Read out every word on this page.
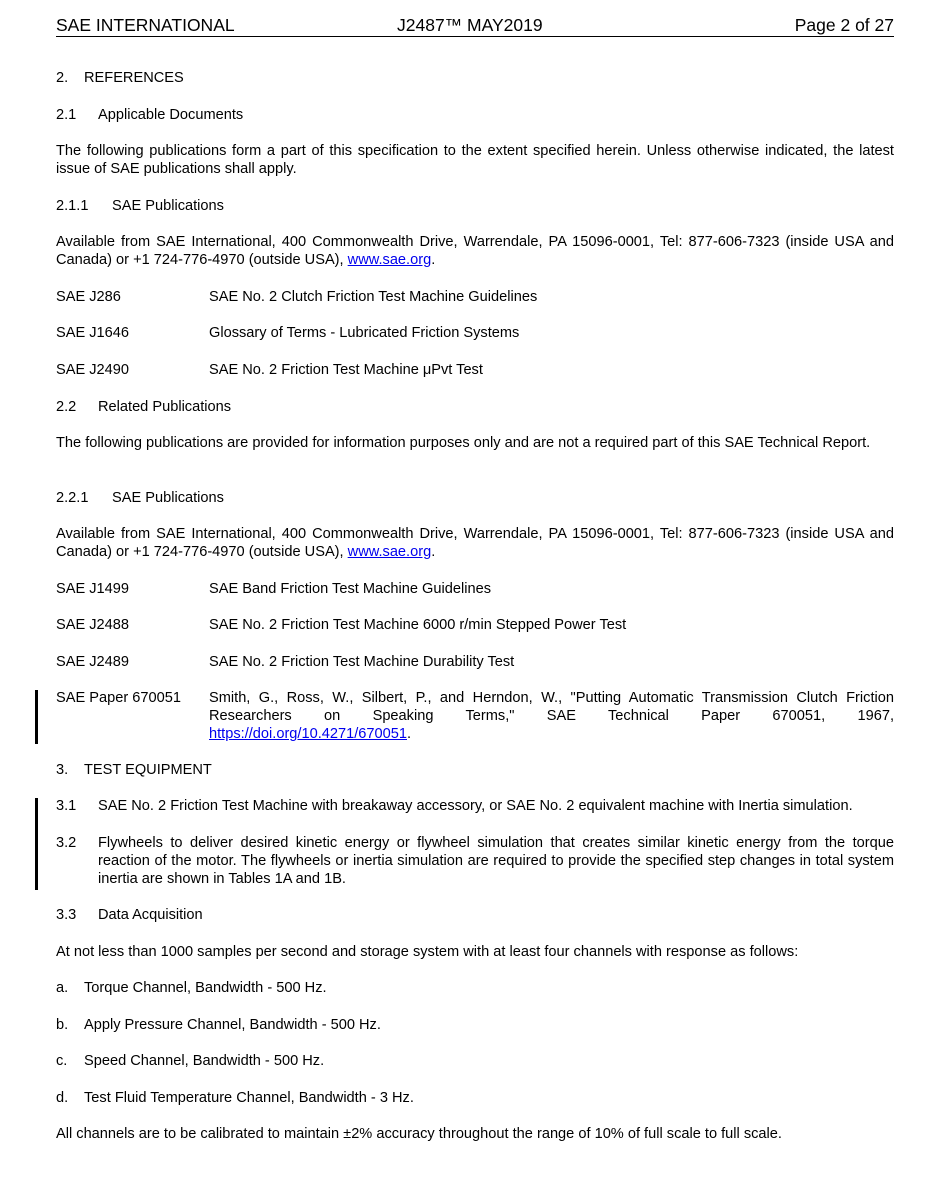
SAE INTERNATIONAL	J2487™ MAY2019	Page 2 of 27
2. REFERENCES
2.1 Applicable Documents
The following publications form a part of this specification to the extent specified herein. Unless otherwise indicated, the latest issue of SAE publications shall apply.
2.1.1 SAE Publications
Available from SAE International, 400 Commonwealth Drive, Warrendale, PA 15096-0001, Tel: 877-606-7323 (inside USA and Canada) or +1 724-776-4970 (outside USA), www.sae.org.
SAE J286	SAE No. 2 Clutch Friction Test Machine Guidelines
SAE J1646	Glossary of Terms - Lubricated Friction Systems
SAE J2490	SAE No. 2 Friction Test Machine μPvt Test
2.2 Related Publications
The following publications are provided for information purposes only and are not a required part of this SAE Technical Report.
2.2.1 SAE Publications
Available from SAE International, 400 Commonwealth Drive, Warrendale, PA 15096-0001, Tel: 877-606-7323 (inside USA and Canada) or +1 724-776-4970 (outside USA), www.sae.org.
SAE J1499	SAE Band Friction Test Machine Guidelines
SAE J2488	SAE No. 2 Friction Test Machine 6000 r/min Stepped Power Test
SAE J2489	SAE No. 2 Friction Test Machine Durability Test
SAE Paper 670051 Smith, G., Ross, W., Silbert, P., and Herndon, W., "Putting Automatic Transmission Clutch Friction Researchers on Speaking Terms," SAE Technical Paper 670051, 1967,
https://doi.org/10.4271/670051.
3. TEST EQUIPMENT
3.1 SAE No. 2 Friction Test Machine with breakaway accessory, or SAE No. 2 equivalent machine with Inertia simulation.
3.2 Flywheels to deliver desired kinetic energy or flywheel simulation that creates similar kinetic energy from the torque reaction of the motor. The flywheels or inertia simulation are required to provide the specified step changes in total system inertia are shown in Tables 1A and 1B.
3.3 Data Acquisition
At not less than 1000 samples per second and storage system with at least four channels with response as follows:
a. Torque Channel, Bandwidth - 500 Hz.
b. Apply Pressure Channel, Bandwidth - 500 Hz.
c. Speed Channel, Bandwidth - 500 Hz.
d. Test Fluid Temperature Channel, Bandwidth - 3 Hz.
All channels are to be calibrated to maintain ±2% accuracy throughout the range of 10% of full scale to full scale.
